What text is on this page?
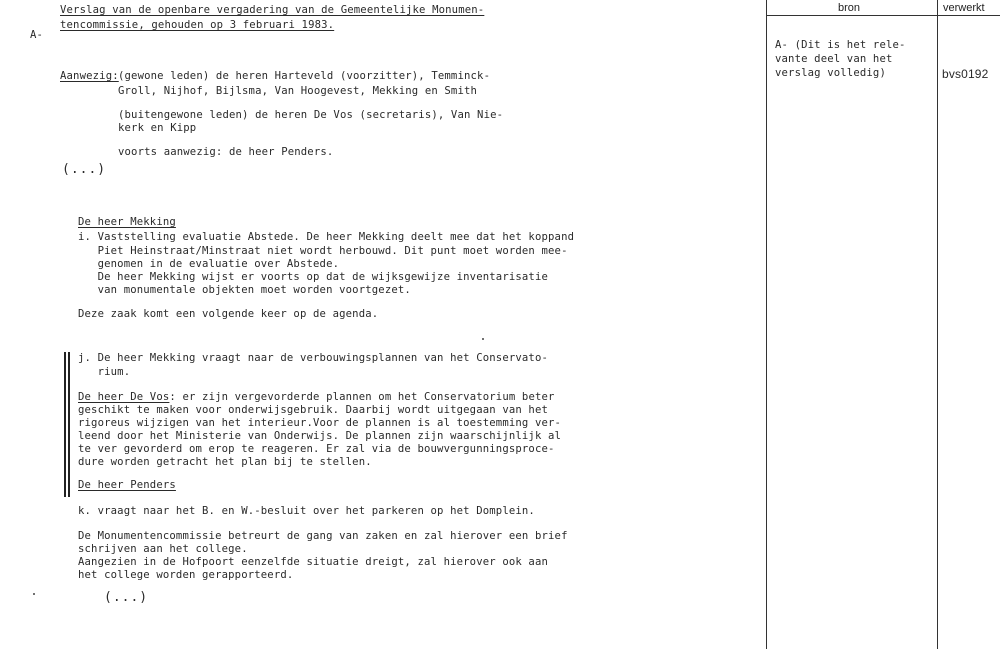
bron	verwerkt
A-
Verslag van de openbare vergadering van de Gemeentelijke Monumen-
tencommissie, gehouden op 3 februari 1983.
Aanwezig: (gewone leden) de heren Harteveld (voorzitter), Temminck-
Groll, Nijhof, Bijlsma, Van Hoogevest, Mekking en Smith
(buitengewone leden) de heren De Vos (secretaris), Van Nie-
kerk en Kipp
voorts aanwezig: de heer Penders.
(...)
De heer Mekking
i. Vaststelling evaluatie Abstede. De heer Mekking deelt mee dat het koppand
Piet Heinstraat/Minstraat niet wordt herbouwd. Dit punt moet worden mee-
genomen in de evaluatie over Abstede.
De heer Mekking wijst er voorts op dat de wijksgewijze inventarisatie
van monumentale objekten moet worden voortgezet.
Deze zaak komt een volgende keer op de agenda.
j. De heer Mekking vraagt naar de verbouwingsplannen van het Conservato-
rium.
De heer De Vos: er zijn vergevorderde plannen om het Conservatorium beter
geschikt te maken voor onderwijsgebruik. Daarbij wordt uitgegaan van het
rigoreus wijzigen van het interieur.Voor de plannen is al toestemming ver-
leend door het Ministerie van Onderwijs. De plannen zijn waarschijnlijk al
te ver gevorderd om erop te reageren. Er zal via de bouwvergunningsproce-
dure worden getracht het plan bij te stellen.
De heer Penders
k. vraagt naar het B. en W.-besluit over het parkeren op het Domplein.
De Monumentencommissie betreurt de gang van zaken en zal hierover een brief
schrijven aan het college.
Aangezien in de Hofpoort eenzelfde situatie dreigt, zal hierover ook aan
het college worden gerapporteerd.
(...)
A- (Dit is het rele-
vante deel van het
verslag volledig)	bvs0192
